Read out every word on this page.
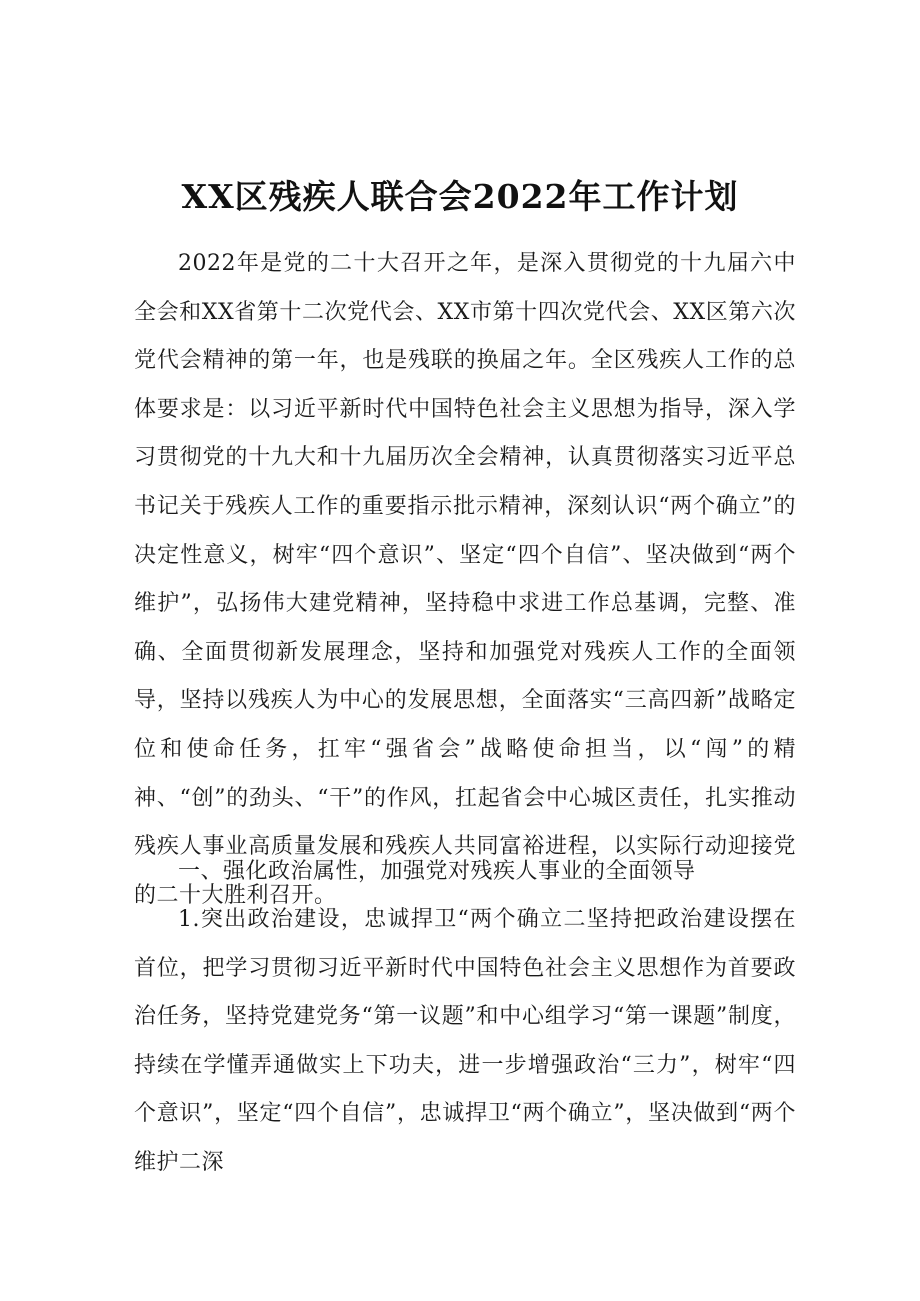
XX区残疾人联合会2022年工作计划

2022年是党的二十大召开之年，是深入贯彻党的十九届六中全会和XX省第十二次党代会、XX市第十四次党代会、XX区第六次党代会精神的第一年，也是残联的换届之年。全区残疾人工作的总体要求是：以习近平新时代中国特色社会主义思想为指导，深入学习贯彻党的十九大和十九届历次全会精神，认真贯彻落实习近平总书记关于残疾人工作的重要指示批示精神，深刻认识“两个确立”的决定性意义，树牢“四个意识”、坚定“四个自信”、坚决做到“两个维护”，弘扬伟大建党精神，坚持稳中求进工作总基调，完整、准确、全面贯彻新发展理念，坚持和加强党对残疾人工作的全面领导，坚持以残疾人为中心的发展思想，全面落实“三高四新”战略定位和使命任务，扛牢“强省会”战略使命担当，以“闯”的精神、“创”的劲头、“干”的作风，扛起省会中心城区责任，扎实推动残疾人事业高质量发展和残疾人共同富裕进程，以实际行动迎接党的二十大胜利召开。

一、强化政治属性，加强党对残疾人事业的全面领导

1.突出政治建设，忠诚捍卫“两个确立二坚持把政治建设摆在首位，把学习贯彻习近平新时代中国特色社会主义思想作为首要政治任务，坚持党建党务“第一议题”和中心组学习“第一课题”制度，持续在学懂弄通做实上下功夫，进一步增强政治“三力”，树牢“四个意识”，坚定“四个自信”，忠诚捍卫“两个确立”，坚决做到“两个维护二深
